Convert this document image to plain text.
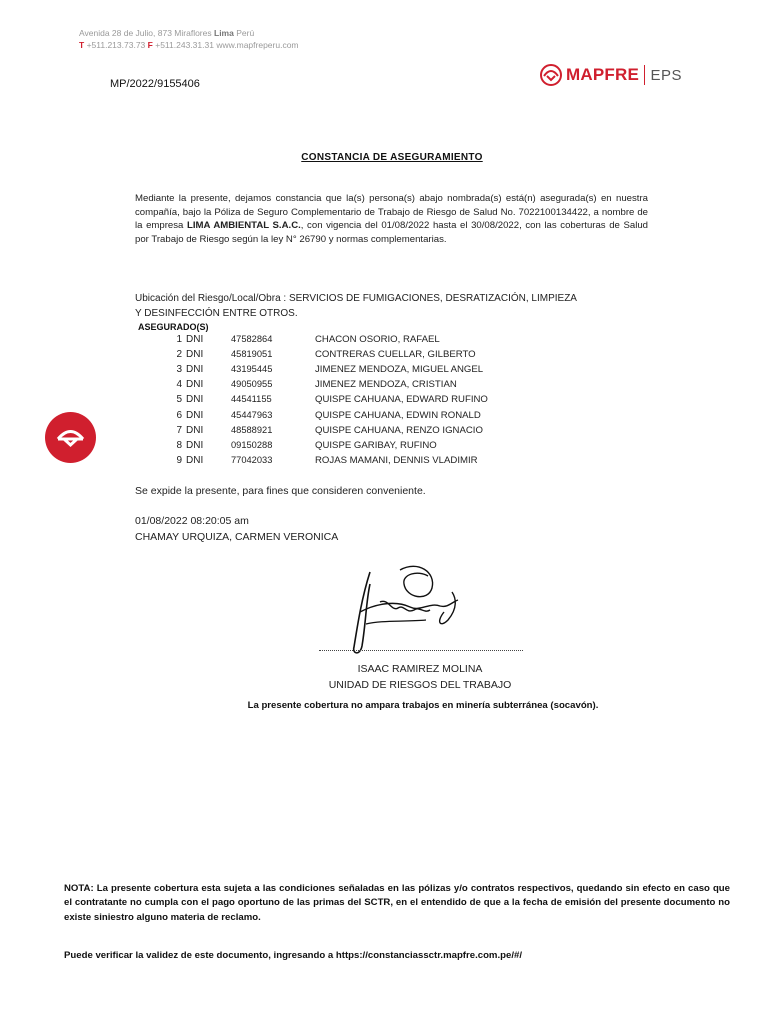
Avenida 28 de Julio, 873 Miraflores Lima Perú
T +511.213.73.73 F +511.243.31.31 www.mapfreperu.com
MP/2022/9155406	MAPFRE EPS
CONSTANCIA DE ASEGURAMIENTO
Mediante la presente, dejamos constancia que la(s) persona(s) abajo nombrada(s) está(n) asegurada(s) en nuestra compañía, bajo la Póliza de Seguro Complementario de Trabajo de Riesgo de Salud No. 7022100134422, a nombre de la empresa LIMA AMBIENTAL S.A.C., con vigencia del 01/08/2022 hasta el 30/08/2022, con las coberturas de Salud por Trabajo de Riesgo según la ley N° 26790 y normas complementarias.
Ubicación del Riesgo/Local/Obra : SERVICIOS DE FUMIGACIONES, DESRATIZACIÓN, LIMPIEZA
Y DESINFECCIÓN ENTRE OTROS.
ASEGURADO(S)
1 DNI	47582864	CHACON OSORIO, RAFAEL
2 DNI	45819051	CONTRERAS CUELLAR, GILBERTO
3 DNI	43195445	JIMENEZ MENDOZA, MIGUEL ANGEL
4 DNI	49050955	JIMENEZ MENDOZA, CRISTIAN
5 DNI	44541155	QUISPE CAHUANA, EDWARD RUFINO
6 DNI	45447963	QUISPE CAHUANA, EDWIN RONALD
7 DNI	48588921	QUISPE CAHUANA, RENZO IGNACIO
8 DNI	09150288	QUISPE GARIBAY, RUFINO
9 DNI	77042033	ROJAS MAMANI, DENNIS VLADIMIR
Se expide la presente, para fines que consideren conveniente.
01/08/2022 08:20:05 am
CHAMAY URQUIZA, CARMEN VERONICA
ISAAC RAMIREZ MOLINA
UNIDAD DE RIESGOS DEL TRABAJO
La presente cobertura no ampara trabajos en minería subterránea (socavón).
NOTA: La presente cobertura esta sujeta a las condiciones señaladas en las pólizas y/o contratos respectivos, quedando sin efecto en caso que el contratante no cumpla con el pago oportuno de las primas del SCTR, en el entendido de que a la fecha de emisión del presente documento no existe siniestro alguno materia de reclamo.
Puede verificar la validez de este documento, ingresando a https://constanciassctr.mapfre.com.pe/#/
